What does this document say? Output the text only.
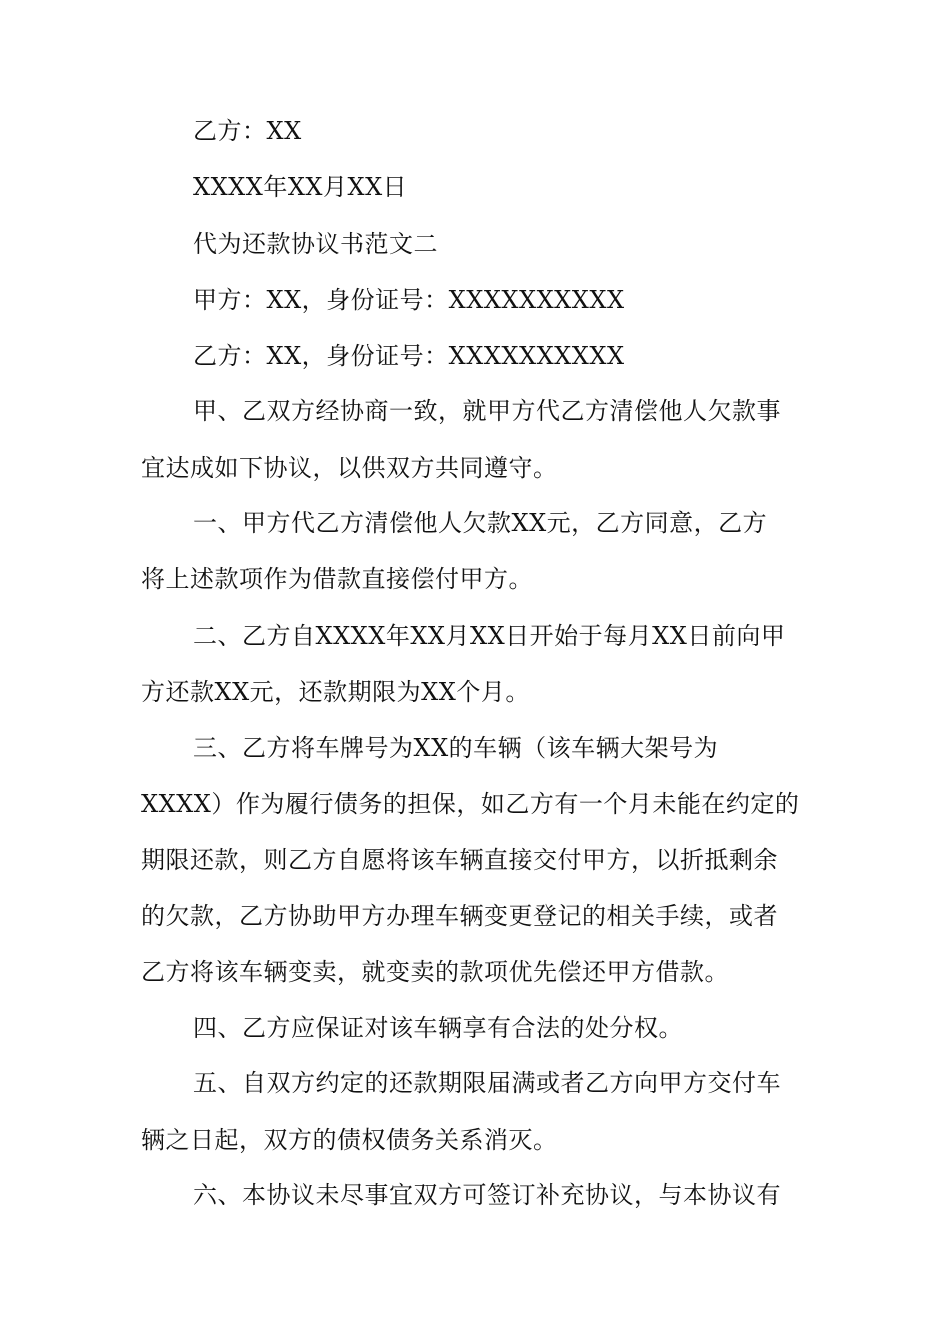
乙方：XX
XXXX年XX月XX日
代为还款协议书范文二
甲方：XX，身份证号：XXXXXXXXXX
乙方：XX，身份证号：XXXXXXXXXX
甲、乙双方经协商一致，就甲方代乙方清偿他人欠款事
宜达成如下协议，以供双方共同遵守。
一、甲方代乙方清偿他人欠款XX元，乙方同意，乙方
将上述款项作为借款直接偿付甲方。
二、乙方自XXXX年XX月XX日开始于每月XX日前向甲
方还款XX元，还款期限为XX个月。
三、乙方将车牌号为XX的车辆（该车辆大架号为
XXXX）作为履行债务的担保，如乙方有一个月未能在约定的
期限还款，则乙方自愿将该车辆直接交付甲方，以折抵剩余
的欠款，乙方协助甲方办理车辆变更登记的相关手续，或者
乙方将该车辆变卖，就变卖的款项优先偿还甲方借款。
四、乙方应保证对该车辆享有合法的处分权。
五、自双方约定的还款期限届满或者乙方向甲方交付车
辆之日起，双方的债权债务关系消灭。
六、本协议未尽事宜双方可签订补充协议，与本协议有
